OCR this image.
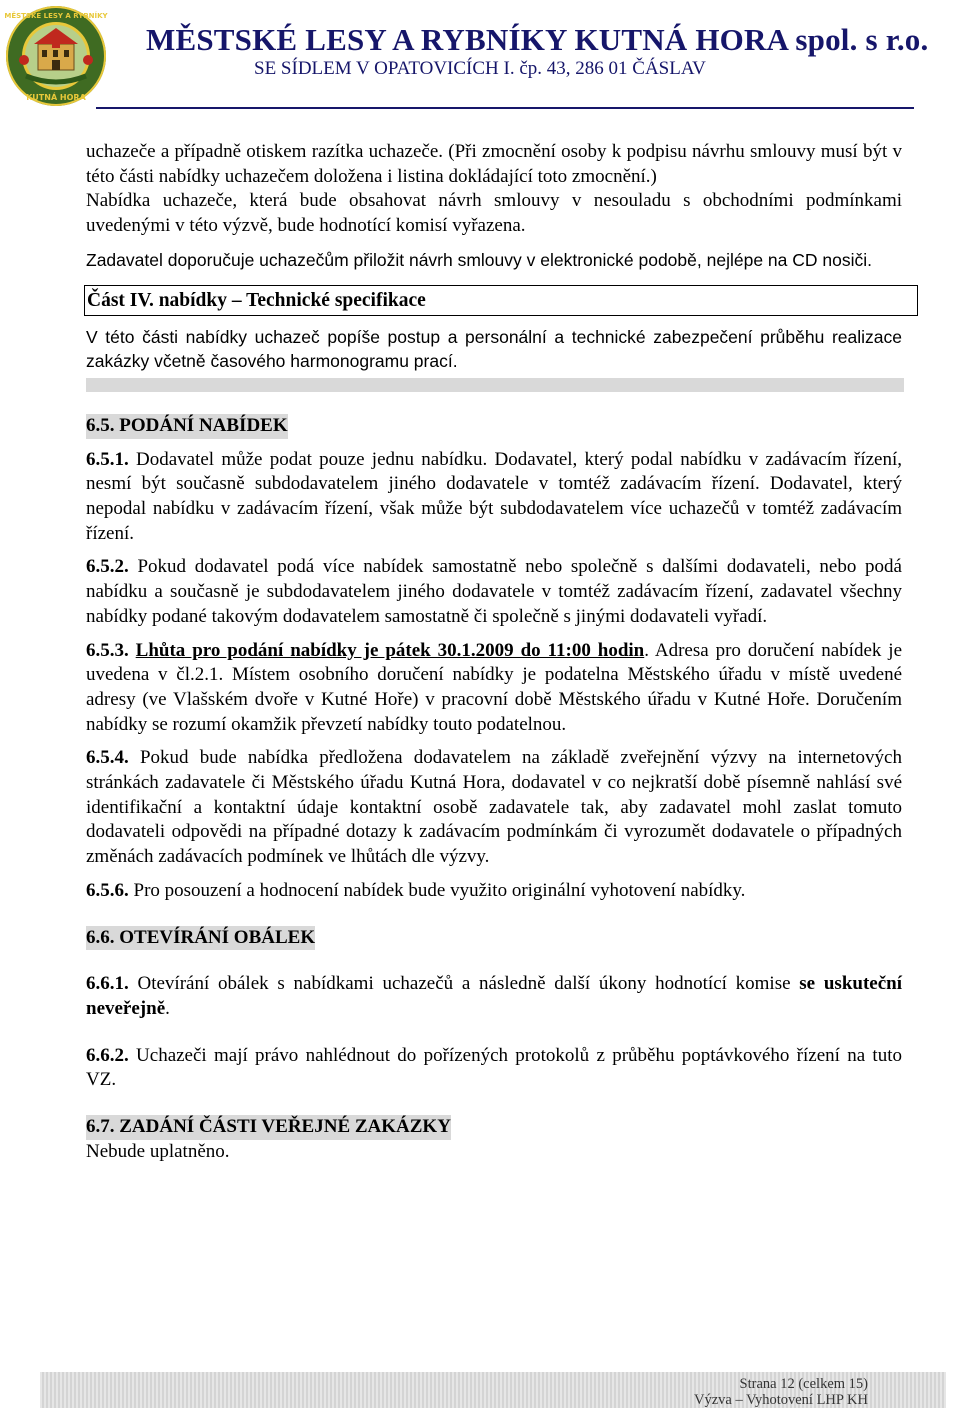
MĚSTSKÉ LESY A RYBNÍKY
KUTNÁ HORA
MĚSTSKÉ LESY A RYBNÍKY KUTNÁ HORA spol. s r.o.
SE SÍDLEM V OPATOVICÍCH I. čp. 43, 286 01 ČÁSLAV

uchazeče a případně otiskem razítka uchazeče. (Při zmocnění osoby k podpisu návrhu smlouvy musí být v této části nabídky uchazečem doložena i listina dokládající toto zmocnění.)

Nabídka uchazeče, která bude obsahovat návrh smlouvy v nesouladu s obchodními podmínkami uvedenými v této výzvě, bude hodnotící komisí vyřazena.

Zadavatel doporučuje uchazečům přiložit návrh smlouvy v elektronické podobě, nejlépe na CD nosiči.

Část IV. nabídky – Technické specifikace

V této části nabídky uchazeč popíše postup a personální a technické zabezpečení průběhu realizace zakázky včetně časového harmonogramu prací.

6.5. PODÁNÍ NABÍDEK

6.5.1. Dodavatel může podat pouze jednu nabídku. Dodavatel, který podal nabídku v zadávacím řízení, nesmí být současně subdodavatelem jiného dodavatele v tomtéž zadávacím řízení. Dodavatel, který nepodal nabídku v zadávacím řízení, však může být subdodavatelem více uchazečů v tomtéž zadávacím řízení.

6.5.2. Pokud dodavatel podá více nabídek samostatně nebo společně s dalšími dodavateli, nebo podá nabídku a současně je subdodavatelem jiného dodavatele v tomtéž zadávacím řízení, zadavatel všechny nabídky podané takovým dodavatelem samostatně či společně s jinými dodavateli vyřadí.

6.5.3. Lhůta pro podání nabídky je pátek 30.1.2009 do 11:00 hodin. Adresa pro doručení nabídek je uvedena v čl.2.1. Místem osobního doručení nabídky je podatelna Městského úřadu v místě uvedené adresy (ve Vlašském dvoře v Kutné Hoře) v pracovní době Městského úřadu v Kutné Hoře. Doručením nabídky se rozumí okamžik převzetí nabídky touto podatelnou.

6.5.4. Pokud bude nabídka předložena dodavatelem na základě zveřejnění výzvy na internetových stránkách zadavatele či Městského úřadu Kutná Hora, dodavatel v co nejkratší době písemně nahlásí své identifikační a kontaktní údaje kontaktní osobě zadavatele tak, aby zadavatel mohl zaslat tomuto dodavateli odpovědi na případné dotazy k zadávacím podmínkám či vyrozumět dodavatele o případných změnách zadávacích podmínek ve lhůtách dle výzvy.

6.5.6. Pro posouzení a hodnocení nabídek bude využito originální vyhotovení nabídky.

6.6. OTEVÍRÁNÍ OBÁLEK

6.6.1. Otevírání obálek s nabídkami uchazečů a následně další úkony hodnotící komise se uskuteční neveřejně.

6.6.2. Uchazeči mají právo nahlédnout do pořízených protokolů z průběhu poptávkového řízení na tuto VZ.

6.7. ZADÁNÍ ČÁSTI VEŘEJNÉ ZAKÁZKY

Nebude uplatněno.

Strana 12 (celkem 15)
Výzva – Vyhotovení LHP KH
